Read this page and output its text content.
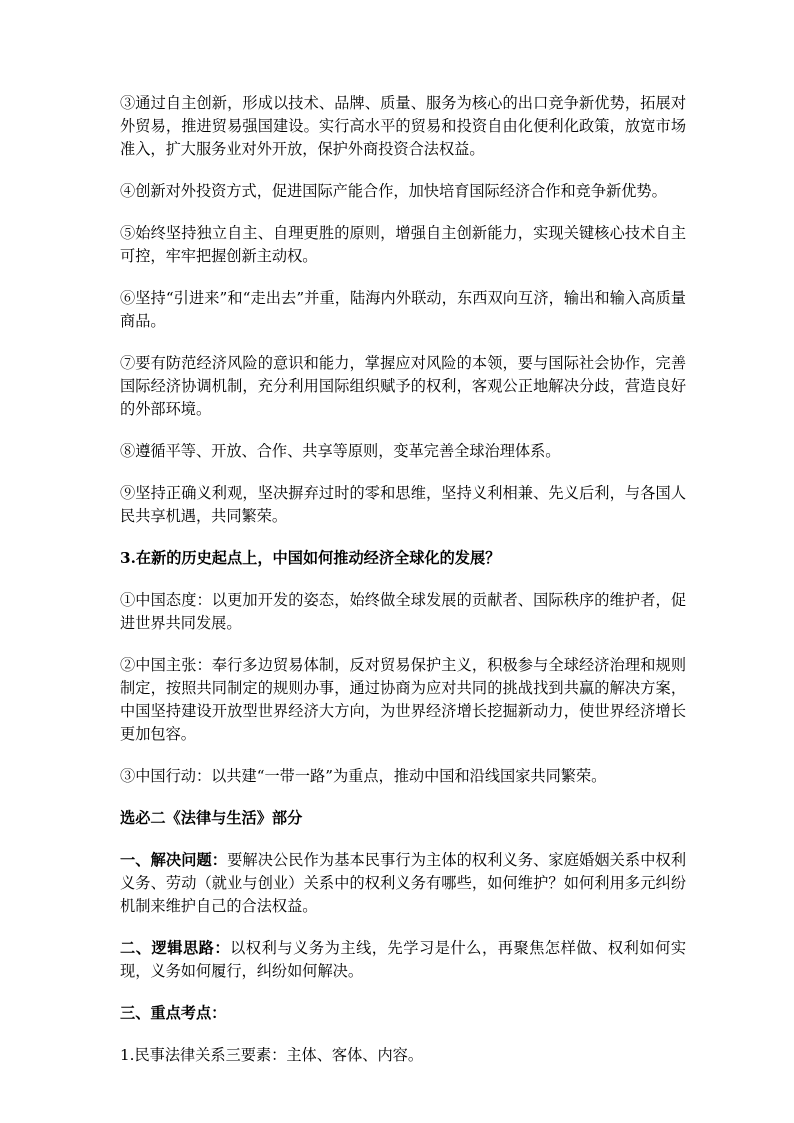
③通过自主创新，形成以技术、品牌、质量、服务为核心的出口竞争新优势，拓展对外贸易，推进贸易强国建设。实行高水平的贸易和投资自由化便利化政策，放宽市场准入，扩大服务业对外开放，保护外商投资合法权益。

④创新对外投资方式，促进国际产能合作，加快培育国际经济合作和竞争新优势。

⑤始终坚持独立自主、自理更胜的原则，增强自主创新能力，实现关键核心技术自主可控，牢牢把握创新主动权。

⑥坚持“引进来”和“走出去”并重，陆海内外联动，东西双向互济，输出和输入高质量商品。

⑦要有防范经济风险的意识和能力，掌握应对风险的本领，要与国际社会协作，完善国际经济协调机制，充分利用国际组织赋予的权利，客观公正地解决分歧，营造良好的外部环境。

⑧遵循平等、开放、合作、共享等原则，变革完善全球治理体系。

⑨坚持正确义利观，坚决摒弃过时的零和思维，坚持义利相兼、先义后利，与各国人民共享机遇，共同繁荣。

3.在新的历史起点上，中国如何推动经济全球化的发展？

①中国态度：以更加开发的姿态，始终做全球发展的贡献者、国际秩序的维护者，促进世界共同发展。

②中国主张：奉行多边贸易体制，反对贸易保护主义，积极参与全球经济治理和规则制定，按照共同制定的规则办事，通过协商为应对共同的挑战找到共赢的解决方案，中国坚持建设开放型世界经济大方向，为世界经济增长挖掘新动力，使世界经济增长更加包容。

③中国行动：以共建“一带一路”为重点，推动中国和沿线国家共同繁荣。

选必二《法律与生活》部分

一、解决问题：要解决公民作为基本民事行为主体的权利义务、家庭婚姻关系中权利义务、劳动（就业与创业）关系中的权利义务有哪些，如何维护？如何利用多元纠纷机制来维护自己的合法权益。

二、逻辑思路：以权利与义务为主线，先学习是什么，再聚焦怎样做、权利如何实现，义务如何履行，纠纷如何解决。

三、重点考点：

1.民事法律关系三要素：主体、客体、内容。
